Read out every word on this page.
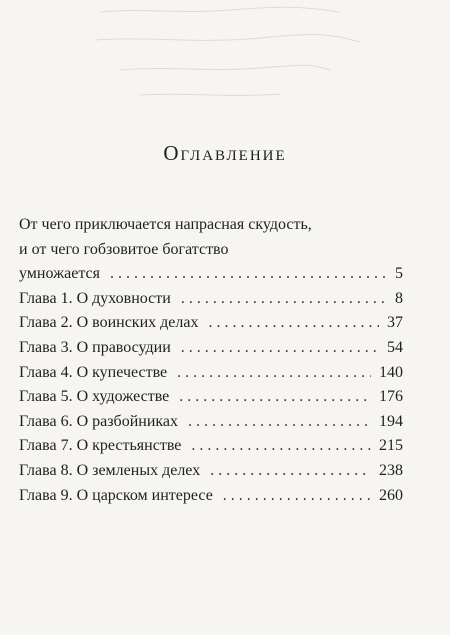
Оглавление
От чего приключается напрасная скудость,
и от чего гобзовитое богатство
умножается . . .	5
Глава 1. О духовности . . .	8
Глава 2. О воинских делах . . .	37
Глава 3. О правосудии . . .	54
Глава 4. О купечестве . . .	140
Глава 5. О художестве . . .	176
Глава 6. О разбойниках . . .	194
Глава 7. О крестьянстве . . .	215
Глава 8. О земленых делех . . .	238
Глава 9. О царском интересе . . .	260
